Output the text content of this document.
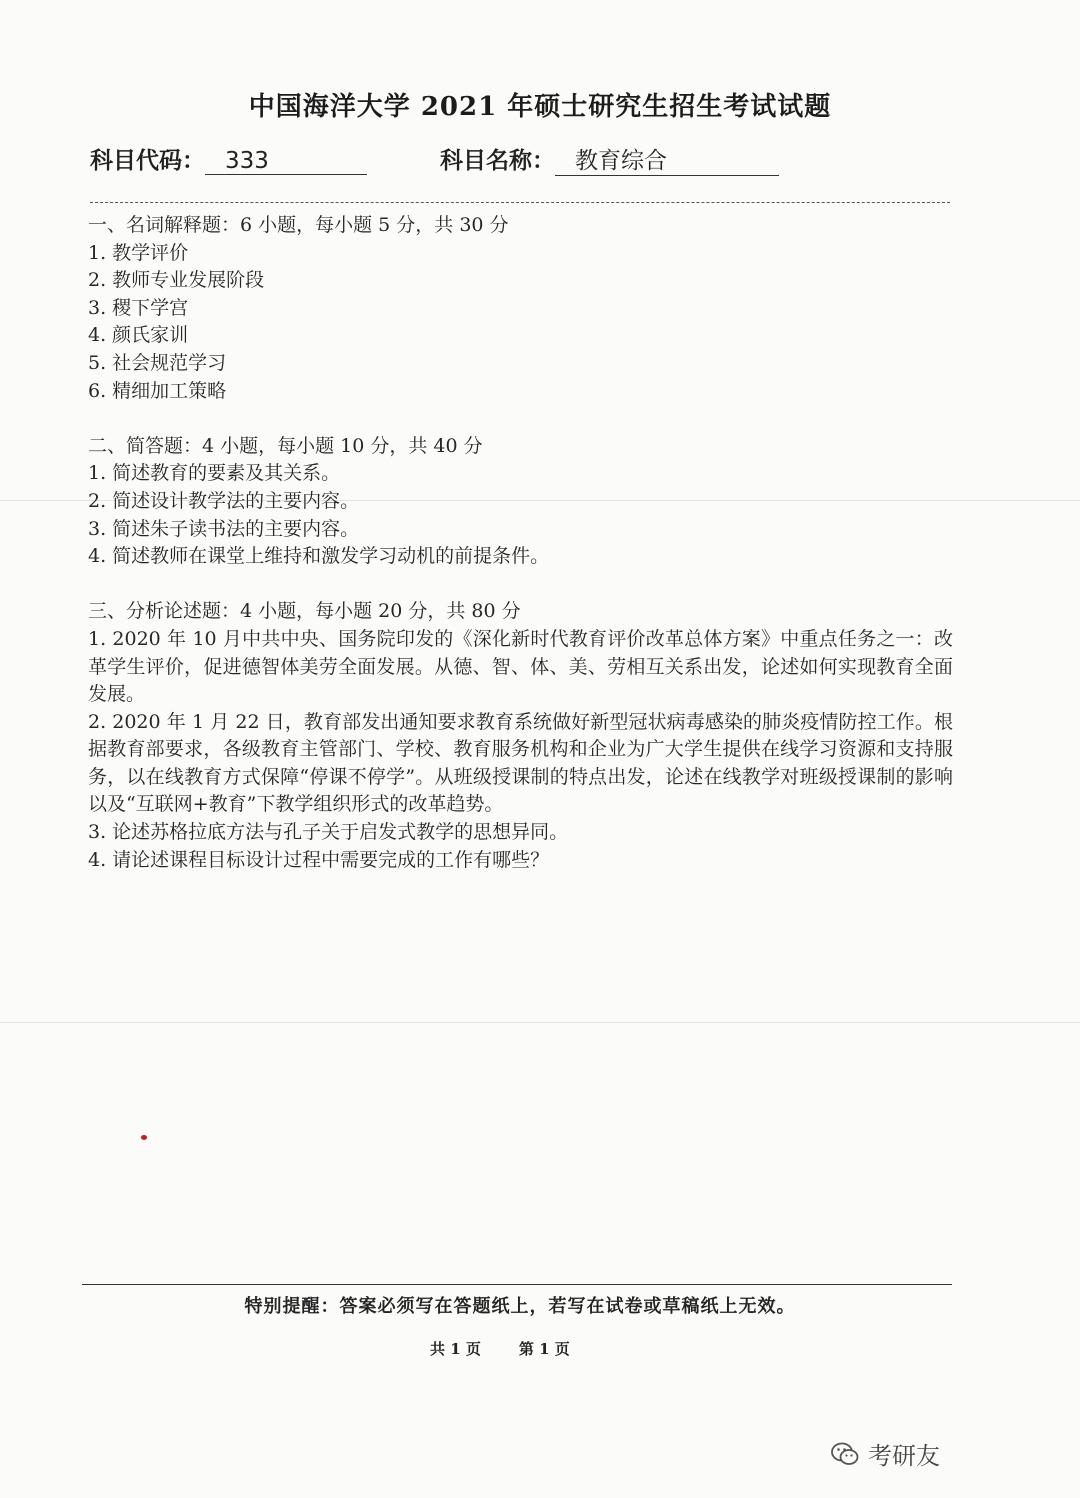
中国海洋大学 2021 年硕士研究生招生考试试题
科目代码： 333	科目名称： 教育综合
一、名词解释题：6 小题，每小题 5 分，共 30 分
1. 教学评价
2. 教师专业发展阶段
3. 稷下学宫
4. 颜氏家训
5. 社会规范学习
6. 精细加工策略
二、简答题：4 小题，每小题 10 分，共 40 分
1. 简述教育的要素及其关系。
2. 简述设计教学法的主要内容。
3. 简述朱子读书法的主要内容。
4. 简述教师在课堂上维持和激发学习动机的前提条件。
三、分析论述题：4 小题，每小题 20 分，共 80 分
1. 2020 年 10 月中共中央、国务院印发的《深化新时代教育评价改革总体方案》中重点任务之一：改革学生评价，促进德智体美劳全面发展。从德、智、体、美、劳相互关系出发，论述如何实现教育全面发展。
2. 2020 年 1 月 22 日，教育部发出通知要求教育系统做好新型冠状病毒感染的肺炎疫情防控工作。根据教育部要求，各级教育主管部门、学校、教育服务机构和企业为广大学生提供在线学习资源和支持服务，以在线教育方式保障“停课不停学”。从班级授课制的特点出发，论述在线教学对班级授课制的影响以及“互联网+教育”下教学组织形式的改革趋势。
3. 论述苏格拉底方法与孔子关于启发式教学的思想异同。
4. 请论述课程目标设计过程中需要完成的工作有哪些？
特别提醒：答案必须写在答题纸上，若写在试卷或草稿纸上无效。
共 1 页	第 1 页
考研友
